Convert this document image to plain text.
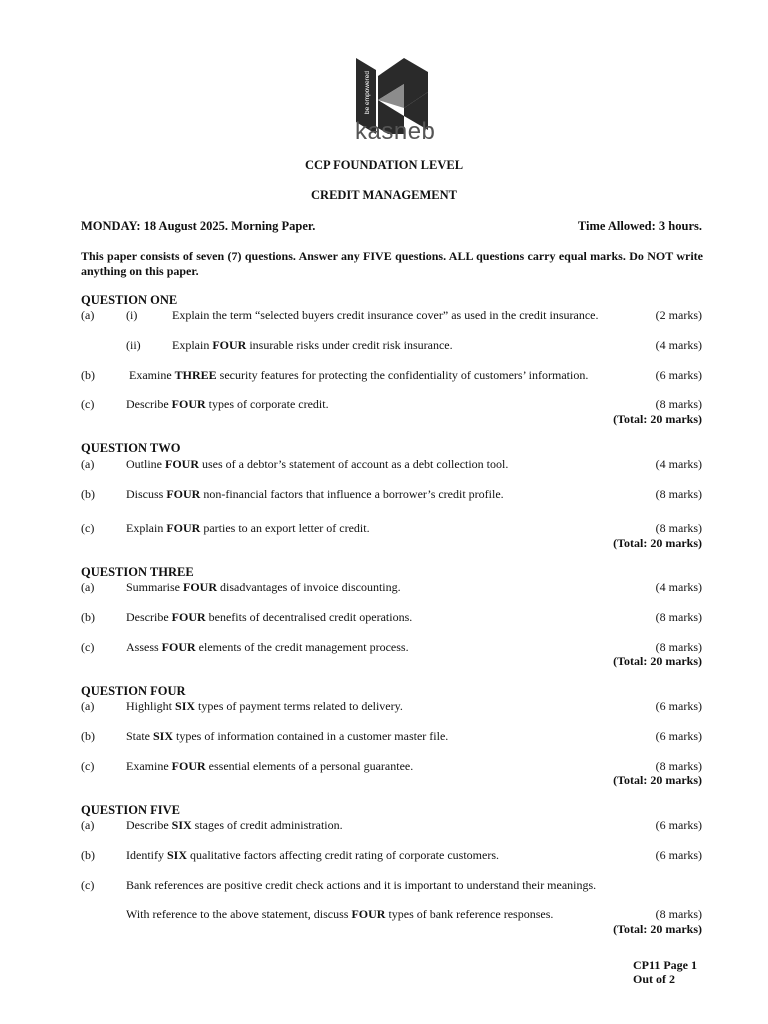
be empowered
kasneb
CCP FOUNDATION LEVEL
CREDIT MANAGEMENT
MONDAY: 18 August 2025. Morning Paper.	Time Allowed: 3 hours.
This paper consists of seven (7) questions. Answer any FIVE questions. ALL questions carry equal marks. Do NOT write anything on this paper.
QUESTION ONE
(a)	(i)	Explain the term “selected buyers credit insurance cover” as used in the credit insurance.	(2 marks)
(ii)	Explain FOUR insurable risks under credit risk insurance.	(4 marks)
(b)	Examine THREE security features for protecting the confidentiality of customers’ information.	(6 marks)
(c)	Describe FOUR types of corporate credit.	(8 marks)
(Total: 20 marks)
QUESTION TWO
(a)	Outline FOUR uses of a debtor’s statement of account as a debt collection tool.	(4 marks)
(b)	Discuss FOUR non-financial factors that influence a borrower’s credit profile.	(8 marks)
(c)	Explain FOUR parties to an export letter of credit.	(8 marks)
(Total: 20 marks)
QUESTION THREE
(a)	Summarise FOUR disadvantages of invoice discounting.	(4 marks)
(b)	Describe FOUR benefits of decentralised credit operations.	(8 marks)
(c)	Assess FOUR elements of the credit management process.	(8 marks)
(Total: 20 marks)
QUESTION FOUR
(a)	Highlight SIX types of payment terms related to delivery.	(6 marks)
(b)	State SIX types of information contained in a customer master file.	(6 marks)
(c)	Examine FOUR essential elements of a personal guarantee.	(8 marks)
(Total: 20 marks)
QUESTION FIVE
(a)	Describe SIX stages of credit administration.	(6 marks)
(b)	Identify SIX qualitative factors affecting credit rating of corporate customers.	(6 marks)
(c)	Bank references are positive credit check actions and it is important to understand their meanings.
With reference to the above statement, discuss FOUR types of bank reference responses.	(8 marks)
(Total: 20 marks)
CP11 Page 1
Out of 2
